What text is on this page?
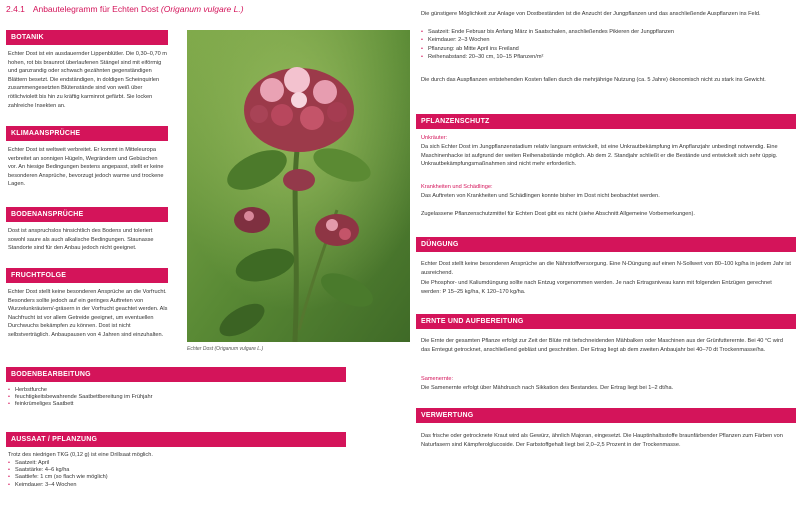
2.4.1 Anbautelegramm für Echten Dost (Origanum vulgare L.)
BOTANIK
Echter Dost ist ein ausdauernder Lippenblütler. Die 0,30–0,70 m hohen, rot bis braunrot überlaufenen Stängel sind mit eiförmig und ganzrandig oder schwach gezähnten gegenständigen Blättern besetzt. Die endständigen, in doldigen Scheinquirlen zusammengesetzten Blütenstände sind von weiß über rötlichviolett bis hin zu kräftig karminrot gefärbt. Sie locken zahlreiche Insekten an.
KLIMAANSPRÜCHE
Echter Dost ist weltweit verbreitet. Er kommt in Mitteleuropa verbreitet an sonnigen Hügeln, Wegrändern und Gebüschen vor. An hiesige Bedingungen bestens angepasst, stellt er keine besonderen Ansprüche, bevorzugt jedoch warme und trockene Lagen.
BODENANSPRÜCHE
Dost ist anspruchslos hinsichtlich des Bodens und toleriert sowohl saure als auch alkalische Bedingungen. Staunasse Standorte sind für den Anbau jedoch nicht geeignet.
FRUCHTFOLGE
Echter Dost stellt keine besonderen Ansprüche an die Vorfrucht. Besonders sollte jedoch auf ein geringes Auftreten von Wurzelunkräutern/-gräsern in der Vorfrucht geachtet werden. Als Nachfrucht ist vor allem Getreide geeignet, um eventuellen Durchwuchs bekämpfen zu können. Dost ist nicht selbstverträglich. Anbaupausen von 4 Jahren sind einzuhalten.
BODENBEARBEITUNG
• Herbstfurche
• feuchtigkeitsbewahrende Saatbettbereitung im Frühjahr
• feinkrümeliges Saatbett
AUSSAAT / PFLANZUNG
Trotz des niedrigen TKG (0,12 g) ist eine Drillsaat möglich.
• Saatzeit: April
• Saatstärke: 4–6 kg/ha
• Saattiefe: 1 cm (so flach wie möglich)
• Keimdauer: 3–4 Wochen
Echter Dost (Origanum vulgare L.)
Die günstigere Möglichkeit zur Anlage von Dostbeständen ist die Anzucht der Jungpflanzen und das anschließende Auspflanzen ins Feld.
• Saatzeit: Ende Februar bis Anfang März in Saatschalen, anschließendes Pikieren der Jungpflanzen
• Keimdauer: 2–3 Wochen
• Pflanzung: ab Mitte April ins Freiland
• Reihenabstand: 20–30 cm, 10–15 Pflanzen/m²
Die durch das Auspflanzen entstehenden Kosten fallen durch die mehrjährige Nutzung (ca. 5 Jahre) ökonomisch nicht zu stark ins Gewicht.
PFLANZENSCHUTZ
Unkräuter:
Da sich Echter Dost im Jungpflanzenstadium relativ langsam entwickelt, ist eine Unkrautbekämpfung im Anpflanzjahr unbedingt notwendig. Eine Maschinenhacke ist aufgrund der weiten Reihenabstände möglich. Ab dem 2. Standjahr schließt er die Bestände und entwickelt sich sehr üppig. Unkrautbekämpfungsmaßnahmen sind nicht mehr erforderlich.
Krankheiten und Schädlinge:
Das Auftreten von Krankheiten und Schädlingen konnte bisher im Dost nicht beobachtet werden.
Zugelassene Pflanzenschutzmittel für Echten Dost gibt es nicht (siehe Abschnitt Allgemeine Vorbemerkungen).
DÜNGUNG
Echter Dost stellt keine besonderen Ansprüche an die Nährstoffversorgung. Eine N-Düngung auf einen N-Sollwert von 80–100 kg/ha in jedem Jahr ist ausreichend.
Die Phosphor- und Kaliumdüngung sollte nach Entzug vorgenommen werden. Je nach Ertragsniveau kann mit folgenden Entzügen gerechnet werden: P 15–25 kg/ha, K 120–170 kg/ha.
ERNTE UND AUFBEREITUNG
Die Ernte der gesamten Pflanze erfolgt zur Zeit der Blüte mit tiefschneidenden Mähbalken oder Maschinen aus der Grünfutterernte. Bei 40 °C wird das Erntegut getrocknet, anschließend gebläst und geschnitten. Der Ertrag liegt ab dem zweiten Anbaujahr bei 40–70 dt Trockenmasse/ha.
Samenernte:
Die Samenernte erfolgt über Mähdrusch nach Sikkation des Bestandes. Der Ertrag liegt bei 1–2 dt/ha.
VERWERTUNG
Das frische oder getrocknete Kraut wird als Gewürz, ähnlich Majoran, eingesetzt. Die Hauptinhaltsstoffe braunfärbender Pflanzen zum Färben von Naturfasern sind Kämpferolglucoside. Der Farbstoffgehalt liegt bei 2,0–2,5 Prozent in der Trockenmasse.
